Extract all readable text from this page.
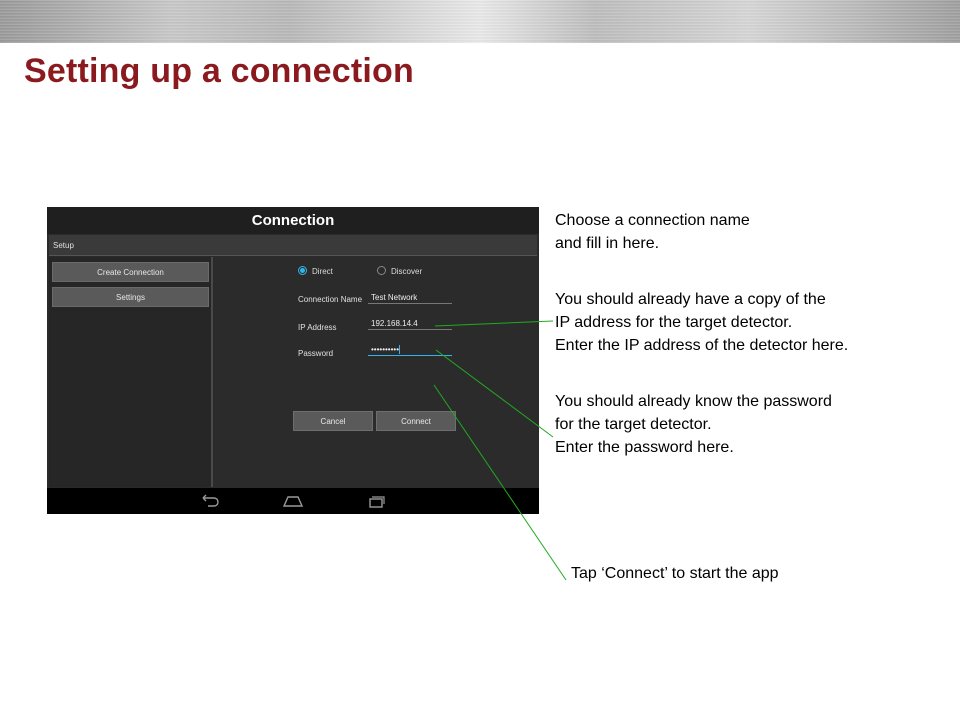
Setting up a connection
Connection
Setup
Create Connection
Settings
Direct	Discover
Connection Name	Test Network
IP Address	192.168.14.4
Password	••••••••••
Cancel	Connect
Choose a connection name
and fill in here.
You should already have a copy of the
IP address for the target detector.
Enter the IP address of the detector here.
You should already know the password
for the target detector.
Enter the password here.
Tap ‘Connect’ to start the app
